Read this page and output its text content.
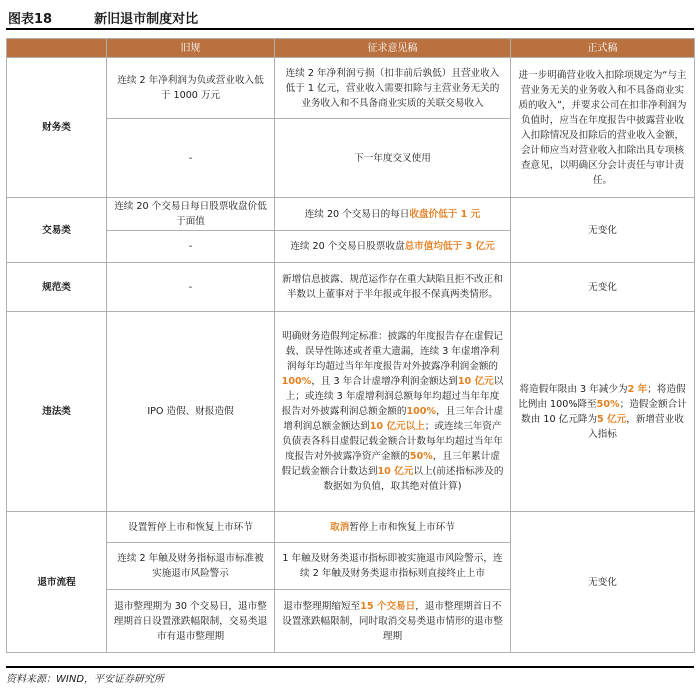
图表18	新旧退市制度对比
	旧规	征求意见稿	正式稿
财务类	连续 2 年净利润为负或营业收入低于 1000 万元	连续 2 年净利润亏损（扣非前后孰低）且营业收入低于 1 亿元，营业收入需要扣除与主营业务无关的业务收入和不具备商业实质的关联交易收入	进一步明确营业收入扣除项规定为“与主营业务无关的业务收入和不具备商业实质的收入”，并要求公司在扣非净利润为负值时，应当在年度报告中披露营业收入扣除情况及扣除后的营业收入金额，会计师应当对营业收入扣除出具专项核查意见，以明确区分会计责任与审计责任。
	-	下一年度交叉使用	
交易类	连续 20 个交易日每日股票收盘价低于面值	连续 20 个交易日的每日收盘价低于 1 元	无变化
	-	连续 20 个交易日股票收盘总市值均低于 3 亿元	
规范类	-	新增信息披露、规范运作存在重大缺陷且拒不改正和半数以上董事对于半年报或年报不保真两类情形。	无变化
违法类	IPO 造假、财报造假	明确财务造假判定标准：披露的年度报告存在虚假记载、误导性陈述或者重大遗漏，连续 3 年虚增净利润每年均超过当年年度报告对外披露净利润金额的100%，且 3 年合计虚增净利润金额达到10 亿元以上；或连续 3 年虚增利润总额每年均超过当年年度报告对外披露利润总额金额的100%，且三年合计虚增利润总额金额达到10 亿元以上；或连续三年资产负债表各科目虚假记载金额合计数每年均超过当年年度报告对外披露净资产金额的50%，且三年累计虚假记载金额合计数达到10 亿元以上(前述指标涉及的数据如为负值，取其绝对值计算)	将造假年限由 3 年减少为2 年；将造假比例由 100%降至50%；造假金额合计数由 10 亿元降为5 亿元，新增营业收入指标
退市流程	设置暂停上市和恢复上市环节	取消暂停上市和恢复上市环节	无变化
	连续 2 年触及财务指标退市标准被实施退市风险警示	1 年触及财务类退市指标即被实施退市风险警示，连续 2 年触及财务类退市指标则直接终止上市	
	退市整理期为 30 个交易日，退市整理期首日设置涨跌幅限制，交易类退市有退市整理期	退市整理期缩短至15 个交易日，退市整理期首日不设置涨跌幅限制，同时取消交易类退市情形的退市整理期	
资料来源：WIND，平安证券研究所
